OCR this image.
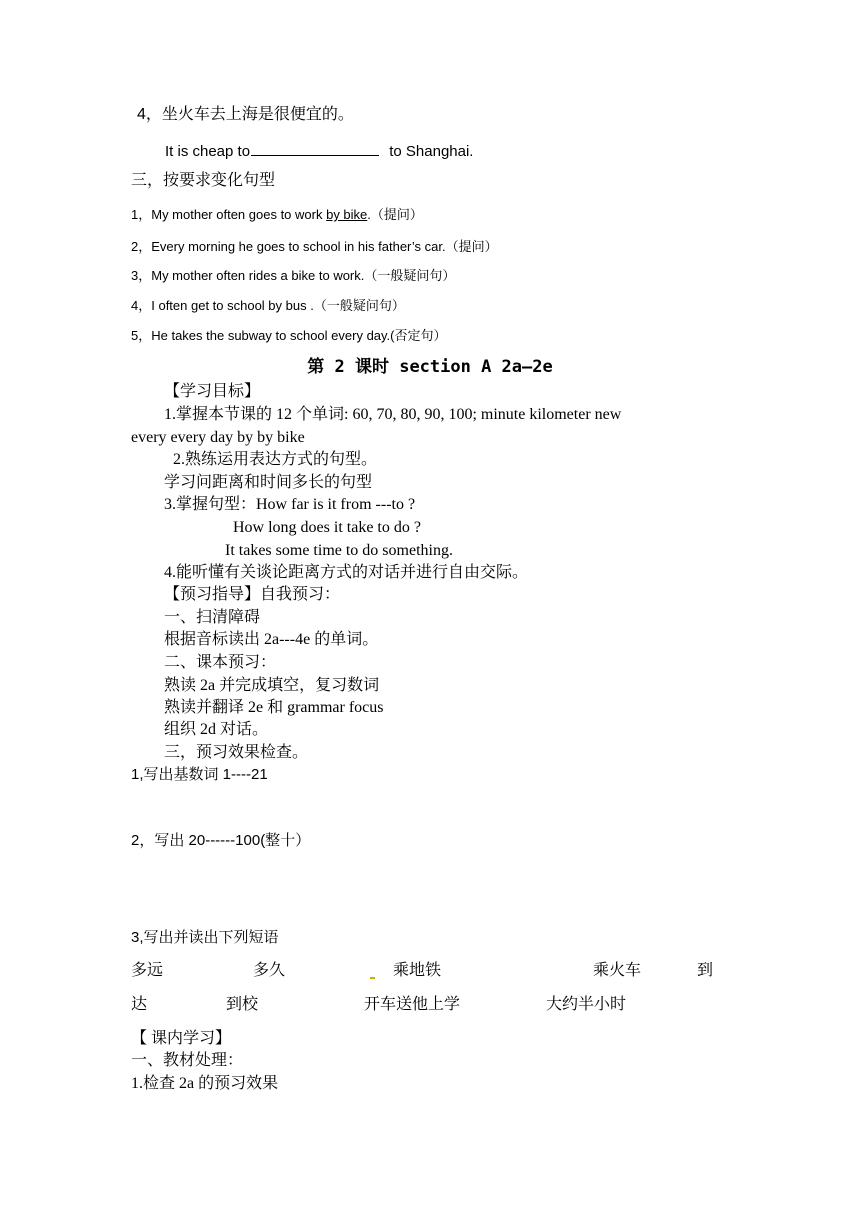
4，坐火车去上海是很便宜的。
It is cheap to	to Shanghai.
三，按要求变化句型
1，My mother often goes to work by bike.（提问）
2，Every morning he goes to school in his father’s car.（提问）
3，My mother often rides a bike to work.（一般疑问句）
4，I often get to school by bus .（一般疑问句）
5，He takes the subway to school every day.(否定句）
第 2 课时 section A 2a—2e
【学习目标】
1.掌握本节课的 12 个单词: 60, 70, 80, 90, 100; minute kilometer new
every every day by by bike
2.熟练运用表达方式的句型。
学习问距离和时间多长的句型
3.掌握句型：How far is it from ---to ?
How long does it take to do ?
It takes some time to do something.
4.能听懂有关谈论距离方式的对话并进行自由交际。
【预习指导】自我预习：
一、扫清障碍
根据音标读出 2a---4e 的单词。
二、课本预习：
熟读 2a 并完成填空，复习数词
熟读并翻译 2e 和 grammar focus
组织 2d 对话。
三，预习效果检查。
1,写出基数词 1----21
2，写出 20------100(整十）
3,写出并读出下列短语
多远	多久	乘地铁	乘火车	到
达	到校	开车送他上学	大约半小时
【 课内学习】
一、教材处理：
1.检查 2a 的预习效果
